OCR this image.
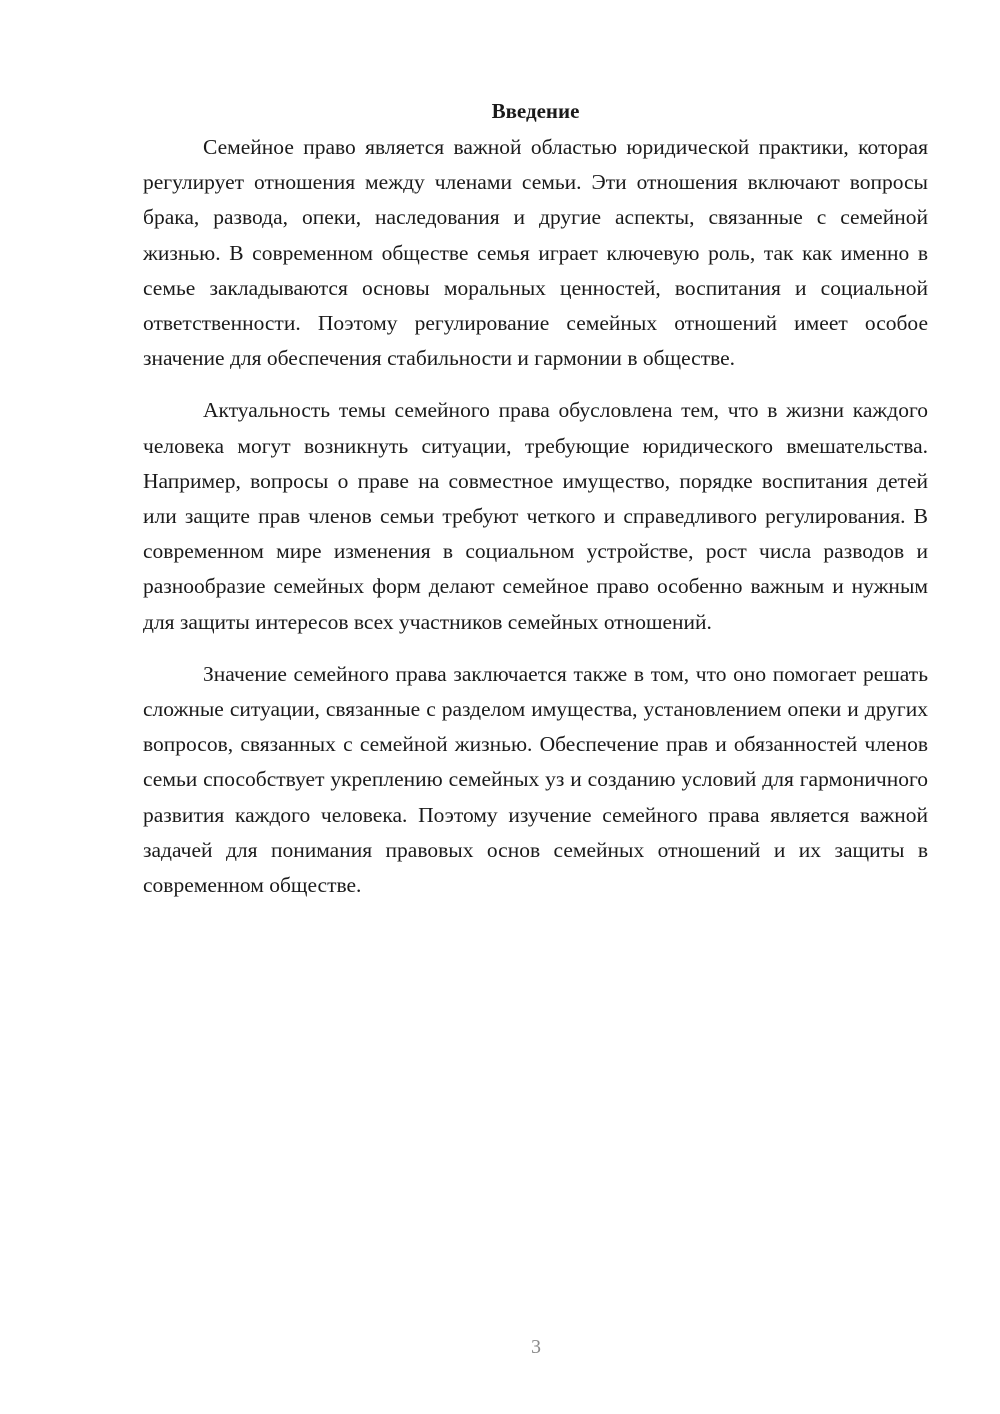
Введение

Семейное право является важной областью юридической практики, которая регулирует отношения между членами семьи. Эти отношения включают вопросы брака, развода, опеки, наследования и другие аспекты, связанные с семейной жизнью. В современном обществе семья играет ключевую роль, так как именно в семье закладываются основы моральных ценностей, воспитания и социальной ответственности. Поэтому регулирование семейных отношений имеет особое значение для обеспечения стабильности и гармонии в обществе.

Актуальность темы семейного права обусловлена тем, что в жизни каждого человека могут возникнуть ситуации, требующие юридического вмешательства. Например, вопросы о праве на совместное имущество, порядке воспитания детей или защите прав членов семьи требуют четкого и справедливого регулирования. В современном мире изменения в социальном устройстве, рост числа разводов и разнообразие семейных форм делают семейное право особенно важным и нужным для защиты интересов всех участников семейных отношений.

Значение семейного права заключается также в том, что оно помогает решать сложные ситуации, связанные с разделом имущества, установлением опеки и других вопросов, связанных с семейной жизнью. Обеспечение прав и обязанностей членов семьи способствует укреплению семейных уз и созданию условий для гармоничного развития каждого человека. Поэтому изучение семейного права является важной задачей для понимания правовых основ семейных отношений и их защиты в современном обществе.

3
